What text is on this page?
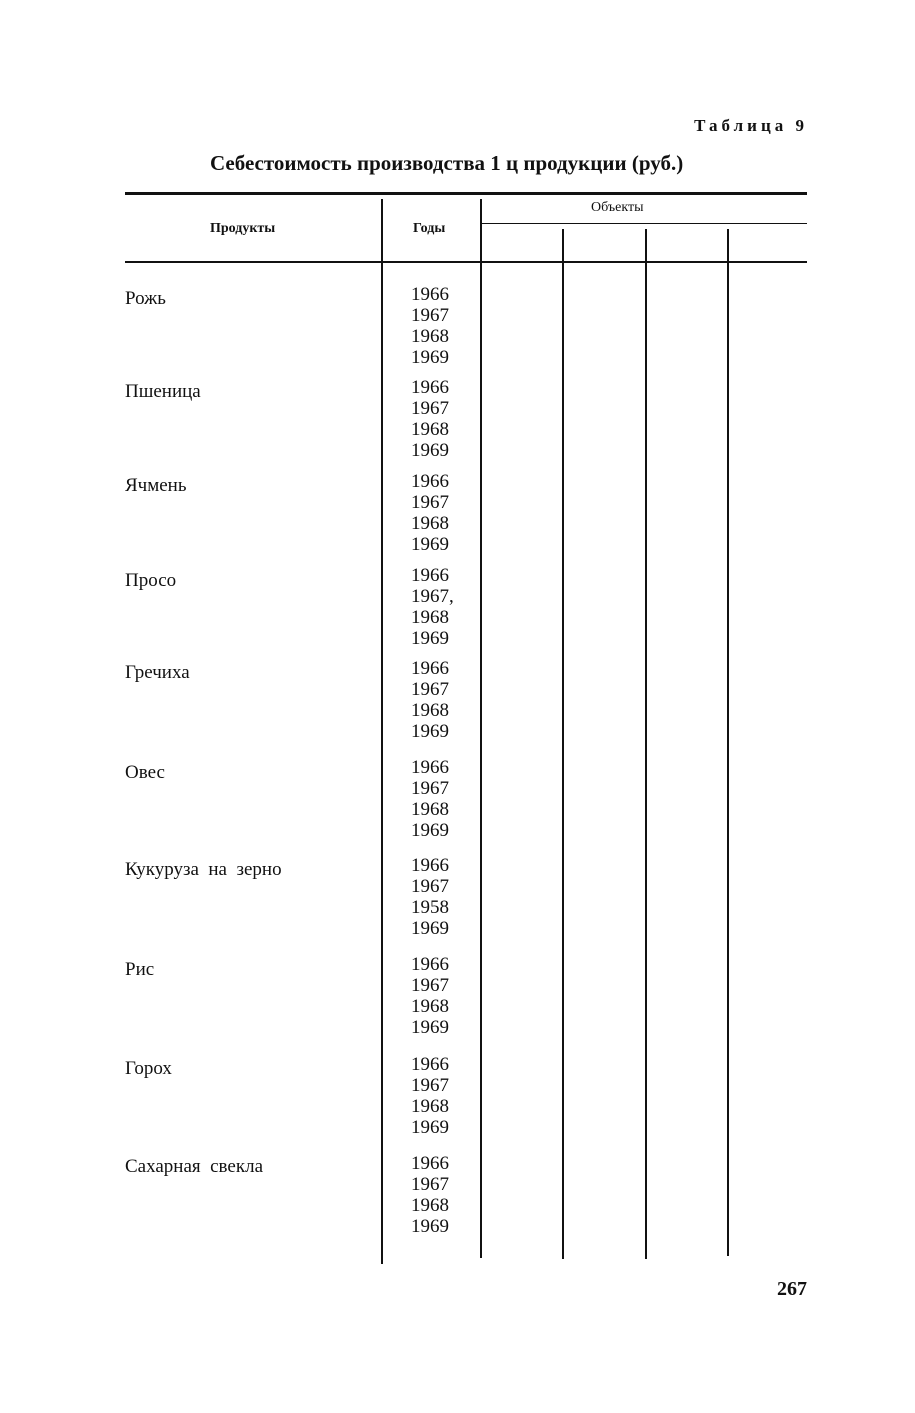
Таблица 9
Себестоимость производства 1 ц продукции (руб.)
Продукты	Годы
Объекты
Рожь	1966
1967
1968
1969
Пшеница	1966
1967
1968
1969
Ячмень	1966
1967
1968
1969
Просо	1966
1967,
1968
1969
Гречиха	1966
1967
1968
1969
Овес	1966
1967
1968
1969
Кукуруза  на  зерно	1966
1967
1958
1969
Рис	1966
1967
1968
1969
Горох	1966
1967
1968
1969
Сахарная  свекла	1966
1967
1968
1969
267
